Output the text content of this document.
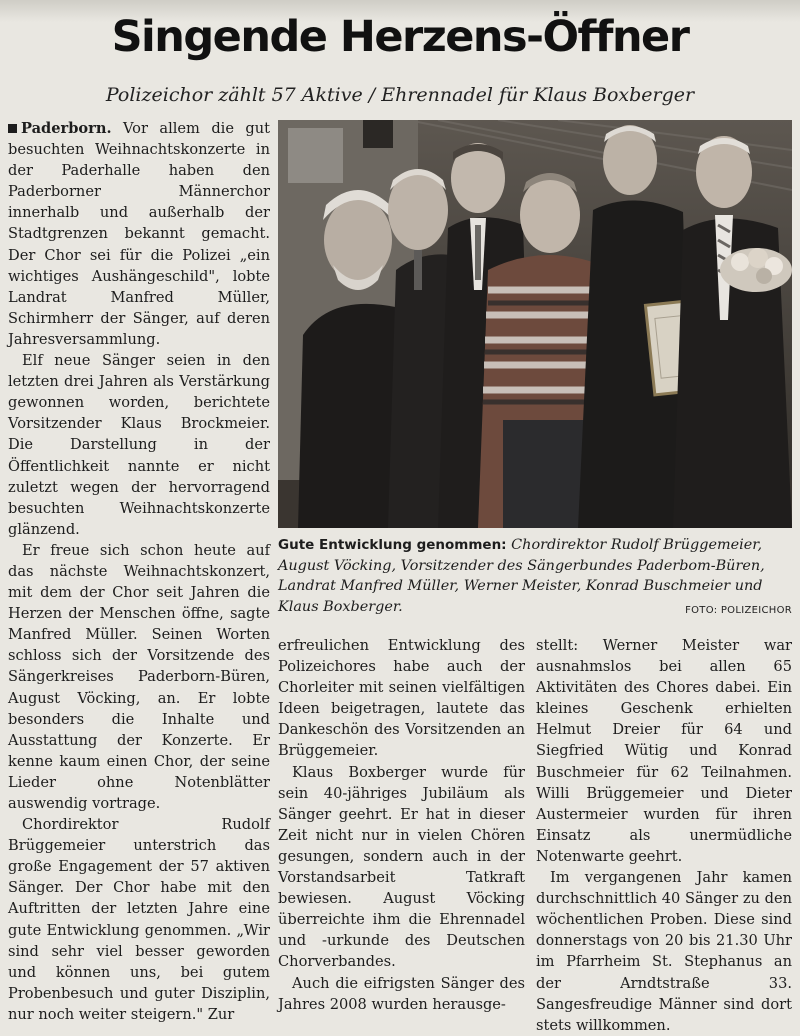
Singende Herzens-Öffner
Polizeichor zählt 57 Aktive / Ehrennadel für Klaus Boxberger

Paderborn. Vor allem die gut besuchten Weihnachtskonzerte in der Paderhalle haben den Paderborner Männerchor innerhalb und außerhalb der Stadtgrenzen bekannt gemacht. Der Chor sei für die Polizei „ein wichtiges Aushängeschild", lobte Landrat Manfred Müller, Schirmherr der Sänger, auf deren Jahresversammlung.

Elf neue Sänger seien in den letzten drei Jahren als Verstärkung gewonnen worden, berichtete Vorsitzender Klaus Brockmeier. Die Darstellung in der Öffentlichkeit nannte er nicht zuletzt wegen der hervorragend besuchten Weihnachtskonzerte glänzend.

Er freue sich schon heute auf das nächste Weihnachtskonzert, mit dem der Chor seit Jahren die Herzen der Menschen öffne, sagte Manfred Müller. Seinen Worten schloss sich der Vorsitzende des Sängerkreises Paderborn-Büren, August Vöcking, an. Er lobte besonders die Inhalte und Ausstattung der Konzerte. Er kenne kaum einen Chor, der seine Lieder ohne Notenblätter auswendig vortrage.

Chordirektor Rudolf Brüggemeier unterstrich das große Engagement der 57 aktiven Sänger. Der Chor habe mit den Auftritten der letzten Jahre eine gute Entwicklung genommen. „Wir sind sehr viel besser geworden und können uns, bei gutem Probenbesuch und guter Disziplin, nur noch weiter steigern." Zur

Gute Entwicklung genommen: Chordirektor Rudolf Brüggemeier, August Vöcking, Vorsitzender des Sängerbundes Paderbom-Büren, Landrat Manfred Müller, Werner Meister, Konrad Buschmeier und Klaus Boxberger.	FOTO: POLIZEICHOR

erfreulichen Entwicklung des Polizeichores habe auch der Chorleiter mit seinen vielfältigen Ideen beigetragen, lautete das Dankeschön des Vorsitzenden an Brüggemeier.

Klaus Boxberger wurde für sein 40-jähriges Jubiläum als Sänger geehrt. Er hat in dieser Zeit nicht nur in vielen Chören gesungen, sondern auch in der Vorstandsarbeit Tatkraft bewiesen. August Vöcking überreichte ihm die Ehrennadel und -urkunde des Deutschen Chorverbandes.

Auch die eifrigsten Sänger des Jahres 2008 wurden herausge-

stellt: Werner Meister war ausnahmslos bei allen 65 Aktivitäten des Chores dabei. Ein kleines Geschenk erhielten Helmut Dreier für 64 und Siegfried Wütig und Konrad Buschmeier für 62 Teilnahmen. Willi Brüggemeier und Dieter Austermeier wurden für ihren Einsatz als unermüdliche Notenwarte geehrt.

Im vergangenen Jahr kamen durchschnittlich 40 Sänger zu den wöchentlichen Proben. Diese sind donnerstags von 20 bis 21.30 Uhr im Pfarrheim St. Stephanus an der Arndtstraße 33. Sangesfreudige Männer sind dort stets willkommen.
